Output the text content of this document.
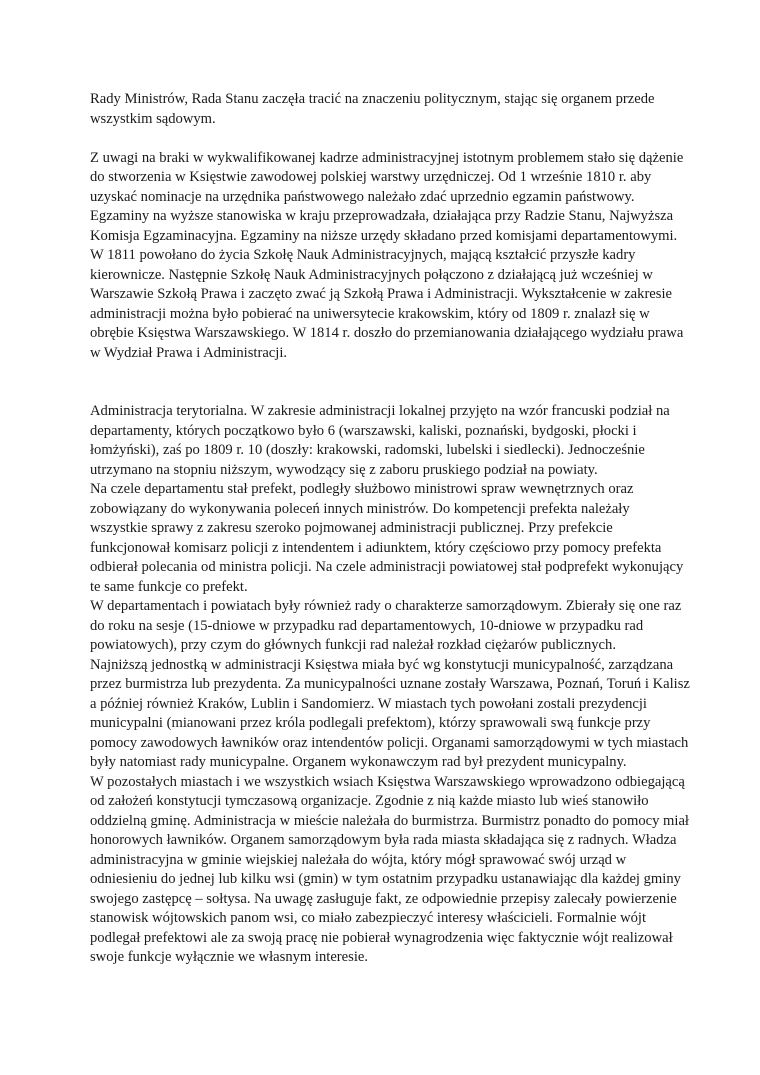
Rady Ministrów, Rada Stanu zaczęła tracić na znaczeniu politycznym, stając się organem przede wszystkim sądowym.

Z uwagi na braki w wykwalifikowanej kadrze administracyjnej istotnym problemem stało się dążenie do stworzenia w Księstwie zawodowej polskiej warstwy urzędniczej. Od 1 wrześnie 1810 r. aby uzyskać nominacje na urzędnika państwowego należało zdać uprzednio egzamin państwowy. Egzaminy na wyższe stanowiska w kraju przeprowadzała, działająca przy Radzie Stanu, Najwyższa Komisja Egzaminacyjna. Egzaminy na niższe urzędy składano przed komisjami departamentowymi. W 1811 powołano do życia Szkołę Nauk Administracyjnych, mającą kształcić przyszłe kadry kierownicze. Następnie Szkołę Nauk Administracyjnych połączono z działającą już wcześniej w Warszawie Szkołą Prawa i zaczęto zwać ją Szkołą Prawa i Administracji. Wykształcenie w zakresie administracji można było pobierać na uniwersytecie krakowskim, który od 1809 r. znalazł się w obrębie Księstwa Warszawskiego. W 1814 r. doszło do przemianowania działającego wydziału prawa w Wydział Prawa i Administracji.

Administracja terytorialna. W zakresie administracji lokalnej przyjęto na wzór francuski podział na departamenty, których początkowo było 6 (warszawski, kaliski, poznański, bydgoski, płocki i łomżyński), zaś po 1809 r. 10 (doszły: krakowski, radomski, lubelski i siedlecki). Jednocześnie utrzymano na stopniu niższym, wywodzący się z zaboru pruskiego podział na powiaty.

Na czele departamentu stał prefekt, podległy służbowo ministrowi spraw wewnętrznych oraz zobowiązany do wykonywania poleceń innych ministrów. Do kompetencji prefekta należały wszystkie sprawy z zakresu szeroko pojmowanej administracji publicznej. Przy prefekcie funkcjonował komisarz policji z intendentem i adiunktem, który częściowo przy pomocy prefekta odbierał polecania od ministra policji. Na czele administracji powiatowej stał podprefekt wykonujący te same funkcje co prefekt.

W departamentach i powiatach były również rady o charakterze samorządowym. Zbierały się one raz do roku na sesje (15-dniowe w przypadku rad departamentowych, 10-dniowe w przypadku rad powiatowych), przy czym do głównych funkcji rad należał rozkład ciężarów publicznych.

Najniższą jednostką w administracji Księstwa miała być wg konstytucji municypalność, zarządzana przez burmistrza lub prezydenta. Za municypalności uznane zostały Warszawa, Poznań, Toruń i Kalisz a później również Kraków, Lublin i Sandomierz. W miastach tych powołani zostali prezydencji municypalni (mianowani przez króla podlegali prefektom), którzy sprawowali swą funkcje przy pomocy zawodowych ławników oraz intendentów policji. Organami samorządowymi w tych miastach były natomiast rady municypalne. Organem wykonawczym rad był prezydent municypalny.

W pozostałych miastach i we wszystkich wsiach Księstwa Warszawskiego wprowadzono odbiegającą od założeń konstytucji tymczasową organizacje. Zgodnie z nią każde miasto lub wieś stanowiło oddzielną gminę. Administracja w mieście należała do burmistrza. Burmistrz ponadto do pomocy miał honorowych ławników. Organem samorządowym była rada miasta składająca się z radnych. Władza administracyjna w gminie wiejskiej należała do wójta, który mógł sprawować swój urząd w odniesieniu do jednej lub kilku wsi (gmin) w tym ostatnim przypadku ustanawiając dla każdej gminy swojego zastępcę – sołtysa. Na uwagę zasługuje fakt, ze odpowiednie przepisy zalecały powierzenie stanowisk wójtowskich panom wsi, co miało zabezpieczyć interesy właścicieli. Formalnie wójt podlegał prefektowi ale za swoją pracę nie pobierał wynagrodzenia więc faktycznie wójt realizował swoje funkcje wyłącznie we własnym interesie.
